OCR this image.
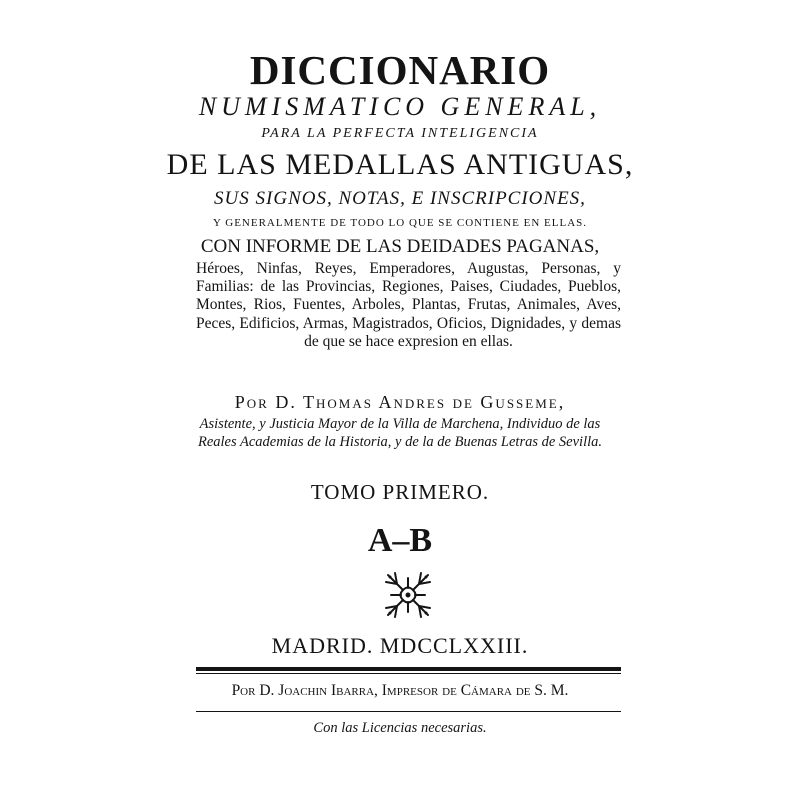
DICCIONARIO
NUMISMATICO GENERAL,
PARA LA PERFECTA INTELIGENCIA
DE LAS MEDALLAS ANTIGUAS,
SUS SIGNOS, NOTAS, E INSCRIPCIONES,
Y GENERALMENTE DE TODO LO QUE SE CONTIENE EN ELLAS.
CON INFORME DE LAS DEIDADES PAGANAS,
Héroes, Ninfas, Reyes, Emperadores, Augustas, Personas, y Familias: de las Provincias, Regiones, Paises, Ciudades, Pueblos, Montes, Rios, Fuentes, Arboles, Plantas, Frutas, Animales, Aves, Peces, Edificios, Armas, Magistrados, Oficios, Dignidades, y demas de que se hace expresion en ellas.
Por D. Thomas Andres de Gusseme,
Asistente, y Justicia Mayor de la Villa de Marchena, Individuo de las Reales Academias de la Historia, y de la de Buenas Letras de Sevilla.
TOMO PRIMERO.
A–B
MADRID. MDCCLXXIII.
Por D. Joachin Ibarra, Impresor de Cámara de S. M.
Con las Licencias necesarias.
